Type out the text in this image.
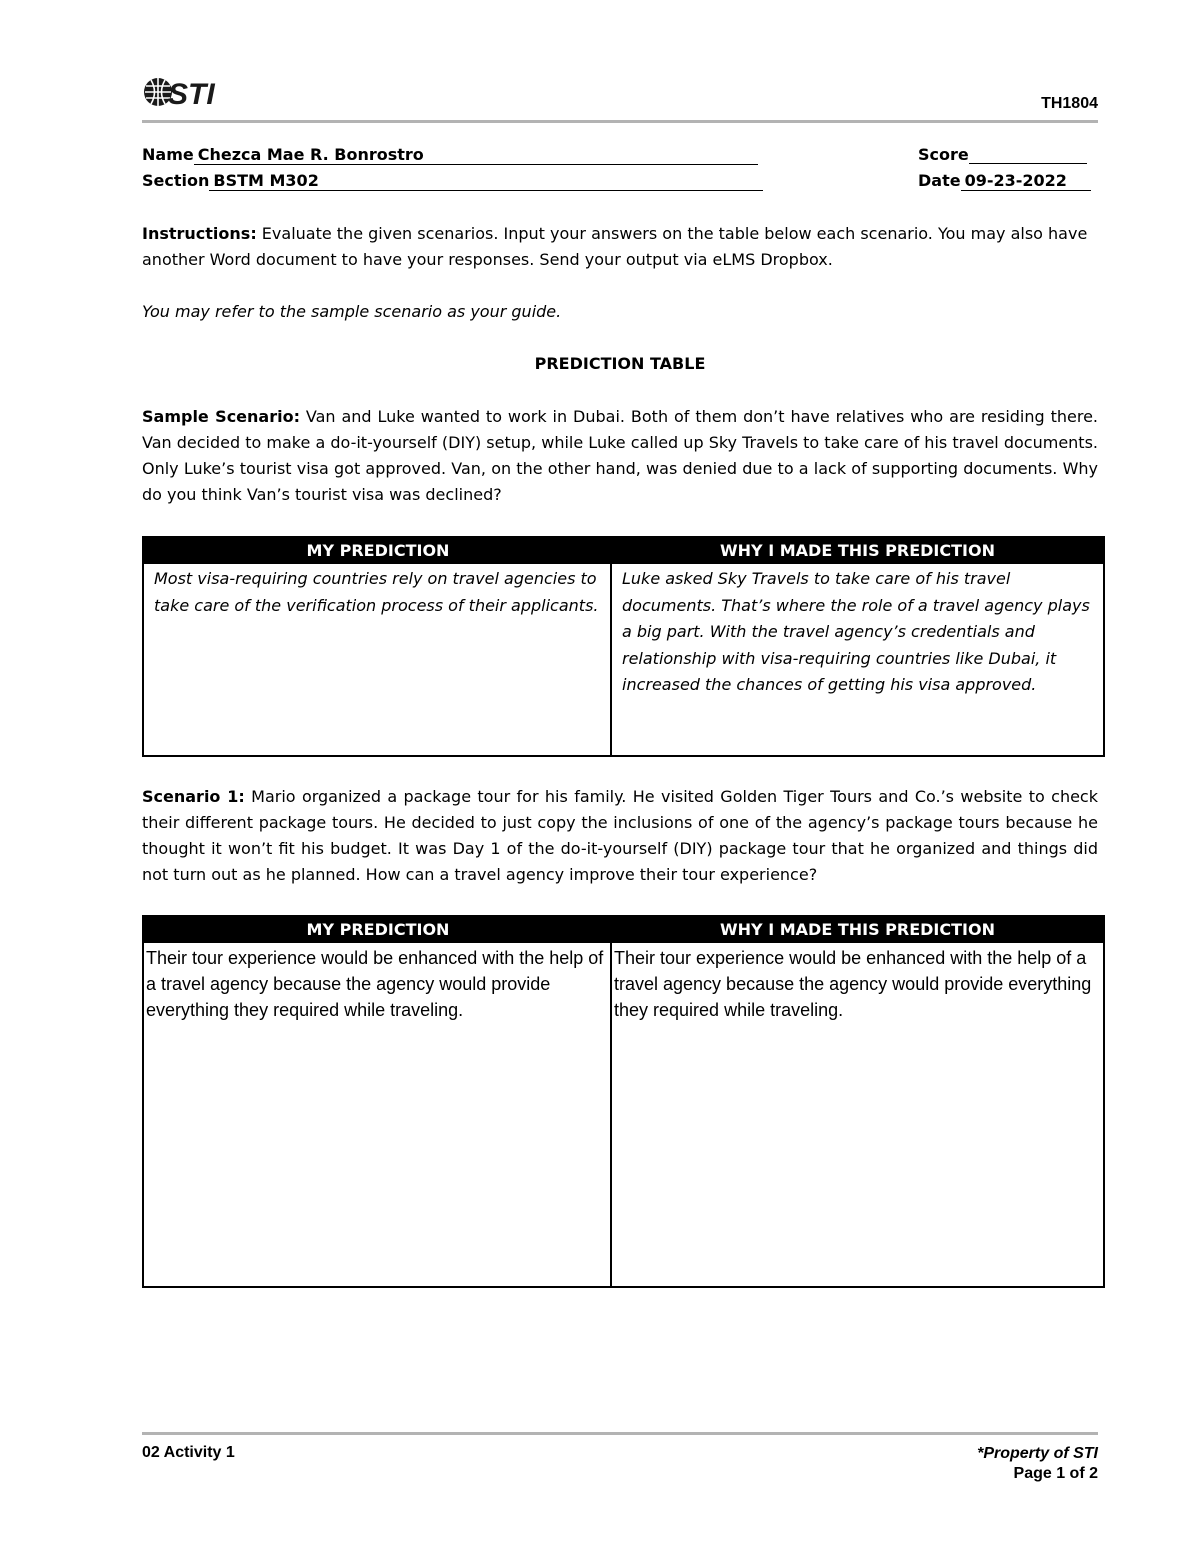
STI	TH1804
Name Chezca Mae R. Bonrostro
Section BSTM M302
Score
Date 09-23-2022
Instructions: Evaluate the given scenarios. Input your answers on the table below each scenario. You may also have another Word document to have your responses. Send your output via eLMS Dropbox.
You may refer to the sample scenario as your guide.
PREDICTION TABLE
Sample Scenario: Van and Luke wanted to work in Dubai. Both of them don’t have relatives who are residing there. Van decided to make a do-it-yourself (DIY) setup, while Luke called up Sky Travels to take care of his travel documents. Only Luke’s tourist visa got approved. Van, on the other hand, was denied due to a lack of supporting documents. Why do you think Van’s tourist visa was declined?
MY PREDICTION	WHY I MADE THIS PREDICTION
Most visa-requiring countries rely on travel agencies to take care of the verification process of their applicants.
Luke asked Sky Travels to take care of his travel documents. That’s where the role of a travel agency plays a big part. With the travel agency’s credentials and relationship with visa-requiring countries like Dubai, it increased the chances of getting his visa approved.
Scenario 1: Mario organized a package tour for his family. He visited Golden Tiger Tours and Co.’s website to check their different package tours. He decided to just copy the inclusions of one of the agency’s package tours because he thought it won’t fit his budget. It was Day 1 of the do-it-yourself (DIY) package tour that he organized and things did not turn out as he planned. How can a travel agency improve their tour experience?
MY PREDICTION	WHY I MADE THIS PREDICTION
Their tour experience would be enhanced with the help of a travel agency because the agency would provide everything they required while traveling.
Their tour experience would be enhanced with the help of a travel agency because the agency would provide everything they required while traveling.
02 Activity 1	*Property of STI
Page 1 of 2
